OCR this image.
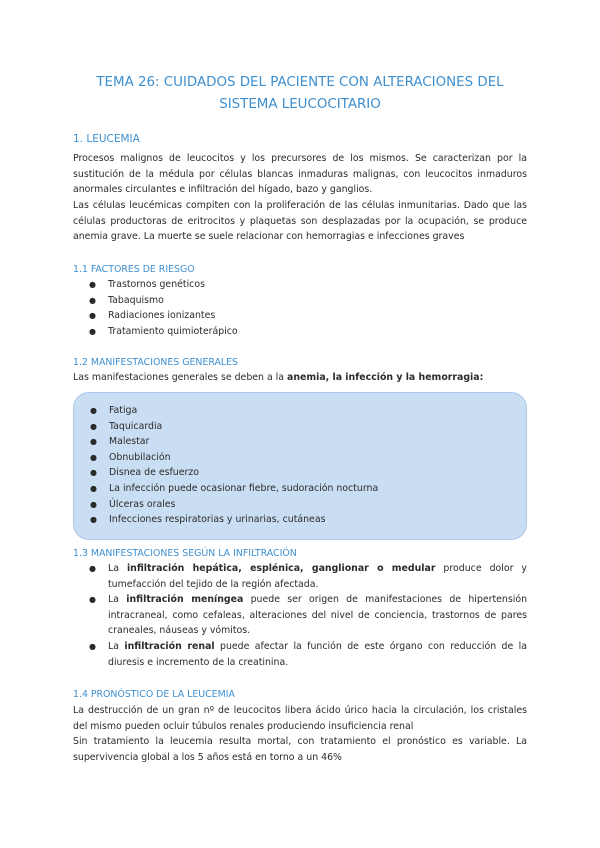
TEMA 26: CUIDADOS DEL PACIENTE CON ALTERACIONES DEL
SISTEMA LEUCOCITARIO
1. LEUCEMIA

Procesos malignos de leucocitos y los precursores de los mismos. Se caracterizan por la sustitución de la médula por células blancas inmaduras malignas, con leucocitos inmaduros anormales circulantes e infiltración del hígado, bazo y ganglios.

Las células leucémicas compiten con la proliferación de las células inmunitarias. Dado que las células productoras de eritrocitos y plaquetas son desplazadas por la ocupación, se produce anemia grave. La muerte se suele relacionar con hemorragias e infecciones graves

1.1 FACTORES DE RIESGO
● Trastornos genéticos
● Tabaquismo
● Radiaciones ionizantes
● Tratamiento quimioterápico
1.2 MANIFESTACIONES GENERALES

Las manifestaciones generales se deben a la anemia, la infección y la hemorragia:

● Fatiga
● Taquicardia
● Malestar
● Obnubilación
● Disnea de esfuerzo
● La infección puede ocasionar fiebre, sudoración nocturna
● Úlceras orales
● Infecciones respiratorias y urinarias, cutáneas
1.3 MANIFESTACIONES SEGÚN LA INFILTRACIÓN
● La infiltración hepática, esplénica, ganglionar o medular produce dolor y tumefacción del tejido de la región afectada.
● La infiltración meníngea puede ser origen de manifestaciones de hipertensión intracraneal, como cefaleas, alteraciones del nivel de conciencia, trastornos de pares craneales, náuseas y vómitos.
● La infiltración renal puede afectar la función de este órgano con reducción de la diuresis e incremento de la creatinina.
1.4 PRONÓSTICO DE LA LEUCEMIA

La destrucción de un gran nº de leucocitos libera ácido úrico hacia la circulación, los cristales del mismo pueden ocluir túbulos renales produciendo insuficiencia renal

Sin tratamiento la leucemia resulta mortal, con tratamiento el pronóstico es variable. La supervivencia global a los 5 años está en torno a un 46%
